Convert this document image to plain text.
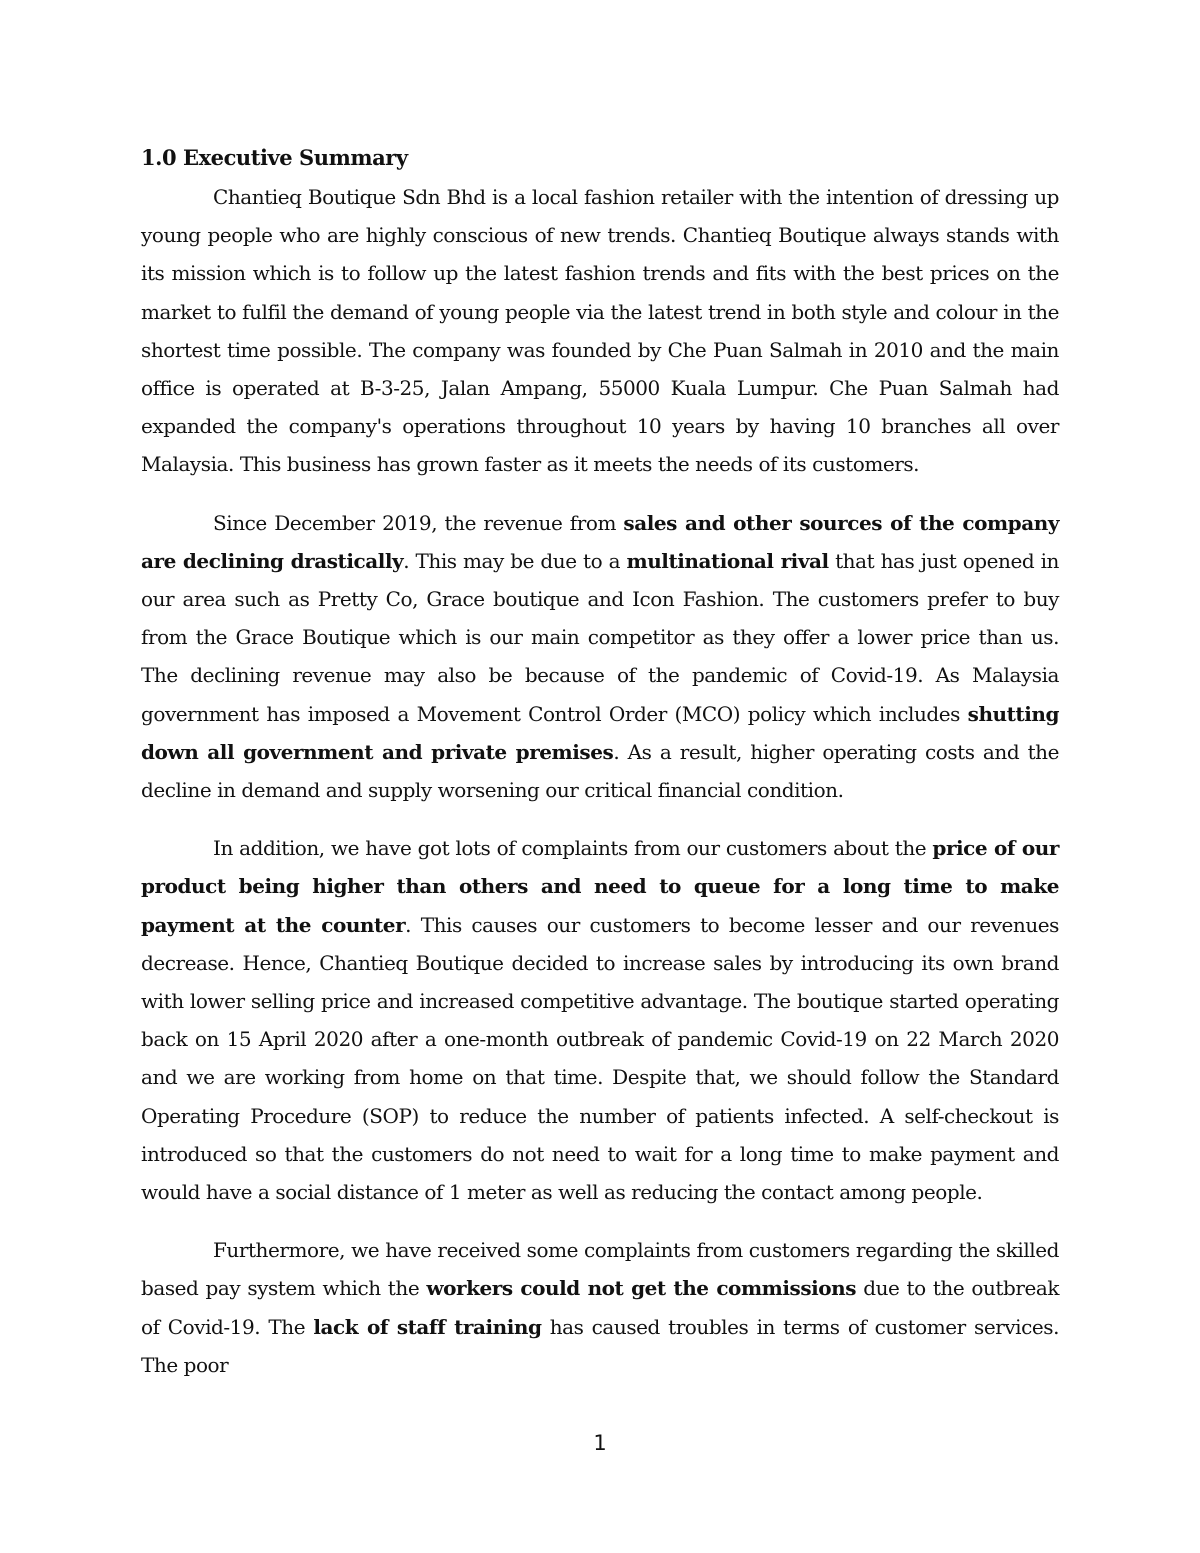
1.0 Executive Summary

Chantieq Boutique Sdn Bhd is a local fashion retailer with the intention of dressing up young people who are highly conscious of new trends. Chantieq Boutique always stands with its mission which is to follow up the latest fashion trends and fits with the best prices on the market to fulfil the demand of young people via the latest trend in both style and colour in the shortest time possible. The company was founded by Che Puan Salmah in 2010 and the main office is operated at B-3-25, Jalan Ampang, 55000 Kuala Lumpur. Che Puan Salmah had expanded the company's operations throughout 10 years by having 10 branches all over Malaysia. This business has grown faster as it meets the needs of its customers.

Since December 2019, the revenue from sales and other sources of the company are declining drastically. This may be due to a multinational rival that has just opened in our area such as Pretty Co, Grace boutique and Icon Fashion. The customers prefer to buy from the Grace Boutique which is our main competitor as they offer a lower price than us. The declining revenue may also be because of the pandemic of Covid-19. As Malaysia government has imposed a Movement Control Order (MCO) policy which includes shutting down all government and private premises. As a result, higher operating costs and the decline in demand and supply worsening our critical financial condition.

In addition, we have got lots of complaints from our customers about the price of our product being higher than others and need to queue for a long time to make payment at the counter. This causes our customers to become lesser and our revenues decrease. Hence, Chantieq Boutique decided to increase sales by introducing its own brand with lower selling price and increased competitive advantage. The boutique started operating back on 15 April 2020 after a one-month outbreak of pandemic Covid-19 on 22 March 2020 and we are working from home on that time. Despite that, we should follow the Standard Operating Procedure (SOP) to reduce the number of patients infected. A self-checkout is introduced so that the customers do not need to wait for a long time to make payment and would have a social distance of 1 meter as well as reducing the contact among people.

Furthermore, we have received some complaints from customers regarding the skilled based pay system which the workers could not get the commissions due to the outbreak of Covid-19. The lack of staff training has caused troubles in terms of customer services. The poor

1
